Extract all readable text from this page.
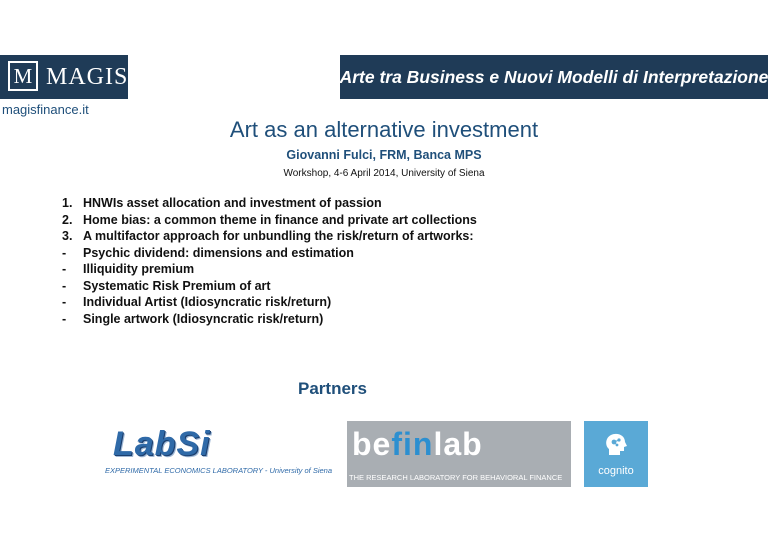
M MAGIS
magisfinance.it
Arte tra Business e Nuovi Modelli di Interpretazione
Art as an alternative investment
Giovanni Fulci, FRM, Banca MPS
Workshop, 4-6 April 2014, University of Siena
1. HNWIs asset allocation and investment of passion
2. Home bias: a common theme in finance and private art collections
3. A multifactor approach for unbundling the risk/return of artworks:
-	Psychic dividend: dimensions and estimation
-	Illiquidity premium
-	Systematic Risk Premium of art
-	Individual Artist (Idiosyncratic risk/return)
-	Single artwork (Idiosyncratic risk/return)
Partners
LabSi
EXPERIMENTAL ECONOMICS LABORATORY - University of Siena
befinlab
THE RESEARCH LABORATORY FOR BEHAVIORAL FINANCE
cognito
